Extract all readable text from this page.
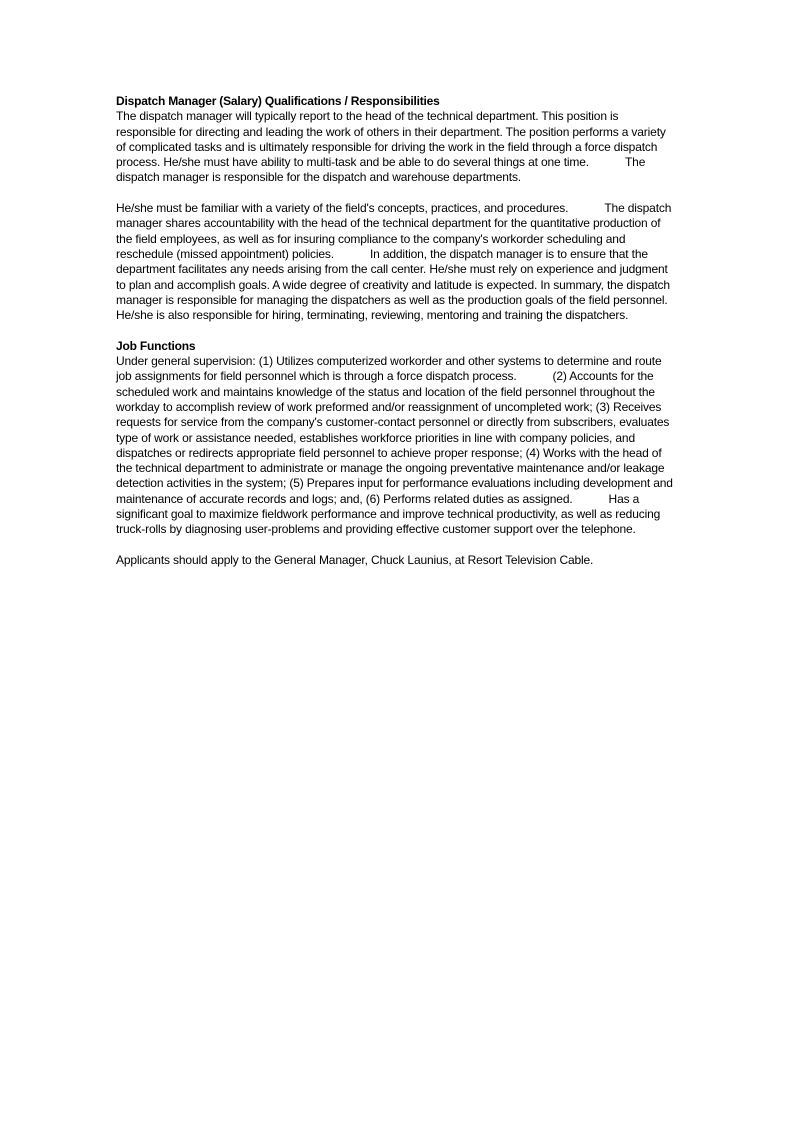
Dispatch Manager (Salary) Qualifications / Responsibilities

The dispatch manager will typically report to the head of the technical department. This position is responsible for directing and leading the work of others in their department. The position performs a variety of complicated tasks and is ultimately responsible for driving the work in the field through a force dispatch process. He/she must have ability to multi-task and be able to do several things at one time.	The dispatch manager is responsible for the dispatch and warehouse departments.

He/she must be familiar with a variety of the field's concepts, practices, and procedures.	The dispatch manager shares accountability with the head of the technical department for the quantitative production of the field employees, as well as for insuring compliance to the company's workorder scheduling and reschedule (missed appointment) policies.	In addition, the dispatch manager is to ensure that the department facilitates any needs arising from the call center. He/she must rely on experience and judgment to plan and accomplish goals. A wide degree of creativity and latitude is expected. In summary, the dispatch manager is responsible for managing the dispatchers as well as the production goals of the field personnel. He/she is also responsible for hiring, terminating, reviewing, mentoring and training the dispatchers.

Job Functions

Under general supervision: (1) Utilizes computerized workorder and other systems to determine and route job assignments for field personnel which is through a force dispatch process.	(2) Accounts for the scheduled work and maintains knowledge of the status and location of the field personnel throughout the workday to accomplish review of work preformed and/or reassignment of uncompleted work; (3) Receives requests for service from the company's customer-contact personnel or directly from subscribers, evaluates type of work or assistance needed, establishes workforce priorities in line with company policies, and dispatches or redirects appropriate field personnel to achieve proper response; (4) Works with the head of the technical department to administrate or manage the ongoing preventative maintenance and/or leakage detection activities in the system; (5) Prepares input for performance evaluations including development and maintenance of accurate records and logs; and, (6) Performs related duties as assigned.	Has a significant goal to maximize fieldwork performance and improve technical productivity, as well as reducing truck-rolls by diagnosing user-problems and providing effective customer support over the telephone.

Applicants should apply to the General Manager, Chuck Launius, at Resort Television Cable.
